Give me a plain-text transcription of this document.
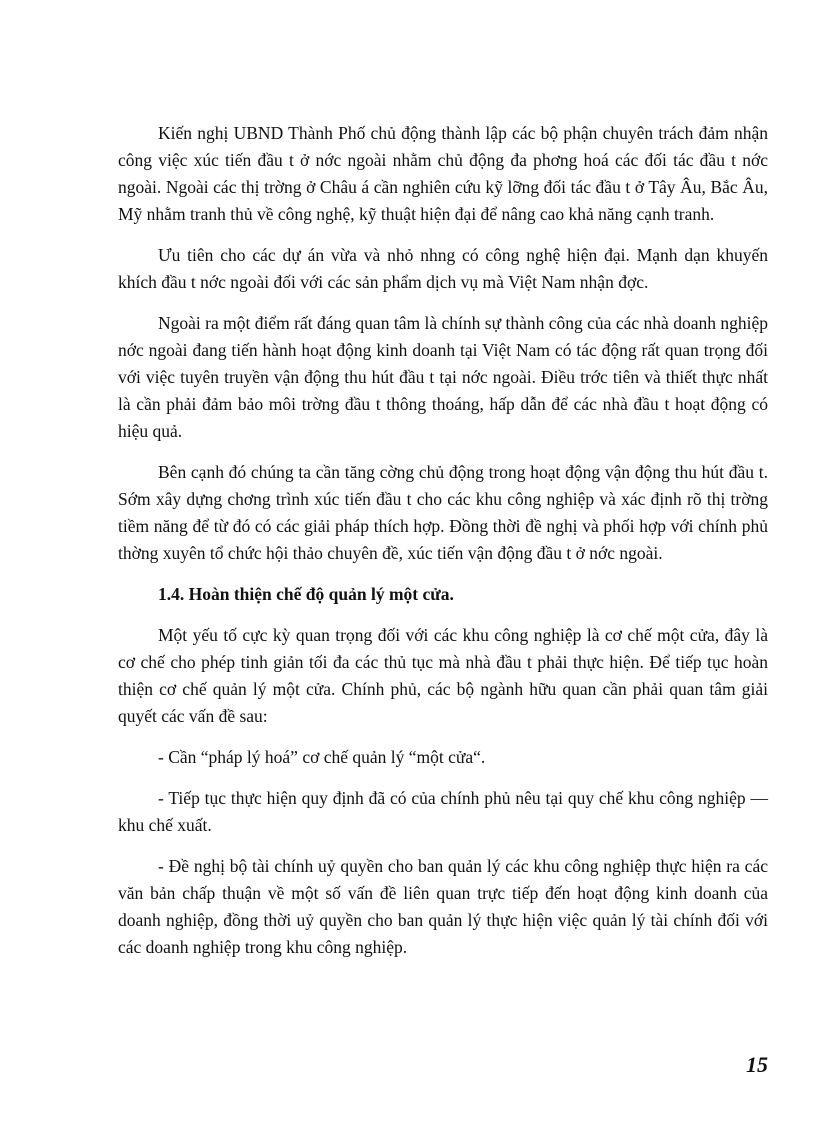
Kiến nghị UBND Thành Phố chủ động thành lập các bộ phận chuyên trách đảm nhận công việc xúc tiến đầu t ở nớc ngoài nhằm chủ động đa phơng hoá các đối tác đầu t nớc ngoài. Ngoài các thị trờng ở Châu á cần nghiên cứu kỹ lỡng đối tác đầu t ở Tây Âu, Bắc Âu, Mỹ nhằm tranh thủ về công nghệ, kỹ thuật hiện đại để nâng cao khả năng cạnh tranh.

Ưu tiên cho các dự án vừa và nhỏ nhng có công nghệ hiện đại. Mạnh dạn khuyến khích đầu t nớc ngoài đối với các sản phẩm dịch vụ mà Việt Nam nhận đợc.

Ngoài ra một điểm rất đáng quan tâm là chính sự thành công của các nhà doanh nghiệp nớc ngoài đang tiến hành hoạt động kinh doanh tại Việt Nam có tác động rất quan trọng đối với việc tuyên truyền vận động thu hút đầu t tại nớc ngoài. Điều trớc tiên và thiết thực nhất là cần phải đảm bảo môi trờng đầu t thông thoáng, hấp dẫn để các nhà đầu t hoạt động có hiệu quả.

Bên cạnh đó chúng ta cần tăng cờng chủ động trong hoạt động vận động thu hút đầu t. Sớm xây dựng chơng trình xúc tiến đầu t cho các khu công nghiệp và xác định rõ thị trờng tiềm năng để từ đó có các giải pháp thích hợp. Đồng thời đề nghị và phối hợp với chính phủ thờng xuyên tổ chức hội thảo chuyên đề, xúc tiến vận động đầu t ở nớc ngoài.

1.4. Hoàn thiện chế độ quản lý một cửa.

Một yếu tố cực kỳ quan trọng đối với các khu công nghiệp là cơ chế một cửa, đây là cơ chế cho phép tinh giản tối đa các thủ tục mà nhà đầu t phải thực hiện. Để tiếp tục hoàn thiện cơ chế quản lý một cửa. Chính phủ, các bộ ngành hữu quan cần phải quan tâm giải quyết các vấn đề sau:

- Cần “pháp lý hoá” cơ chế quản lý “một cửa“.

- Tiếp tục thực hiện quy định đã có của chính phủ nêu tại quy chế khu công nghiệp — khu chế xuất.

- Đề nghị bộ tài chính uỷ quyền cho ban quản lý các khu công nghiệp thực hiện ra các văn bản chấp thuận về một số vấn đề liên quan trực tiếp đến hoạt động kinh doanh của doanh nghiệp, đồng thời uỷ quyền cho ban quản lý thực hiện việc quản lý tài chính đối với các doanh nghiệp trong khu công nghiệp.

15
